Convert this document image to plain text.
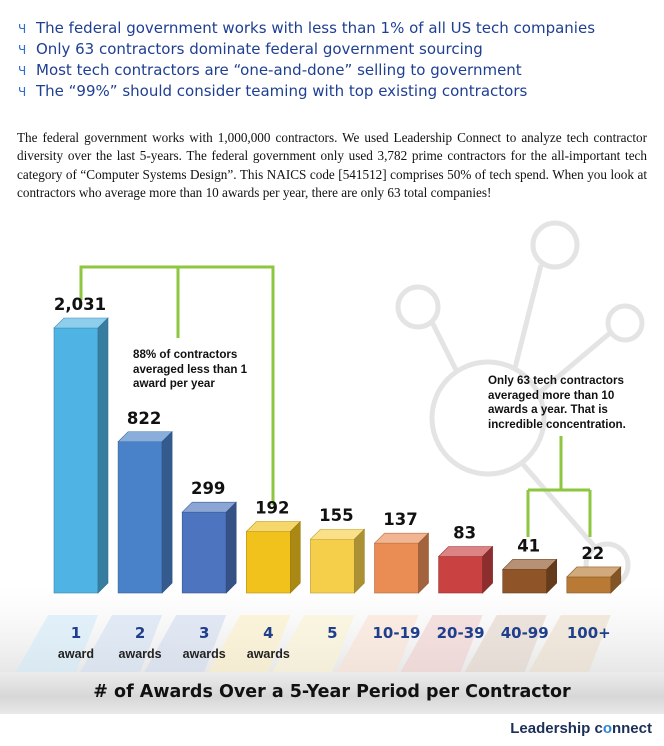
Ч The federal government works with less than 1% of all US tech companies
Ч Only 63 contractors dominate federal government sourcing
Ч Most tech contractors are “one-and-done” selling to government
Ч The “99%” should consider teaming with top existing contractors

The federal government works with 1,000,000 contractors. We used Leadership Connect to analyze tech contractor diversity over the last 5-years. The federal government only used 3,782 prime contractors for the all-important tech category of “Computer Systems Design”. This NAICS code [541512] comprises 50% of tech spend. When you look at contractors who average more than 10 awards per year, there are only 63 total companies!

2,031
1
award
822
2
awards
299
3
awards
192
4
awards
155
5
137
10-19
83
20-39
41
40-99
22
100+

88% of contractors averaged less than 1 award per year	Only 63 tech contractors averaged more than 10 awards a year. That is incredible concentration.

# of Awards Over a 5-Year Period per Contractor
Leadership connect
